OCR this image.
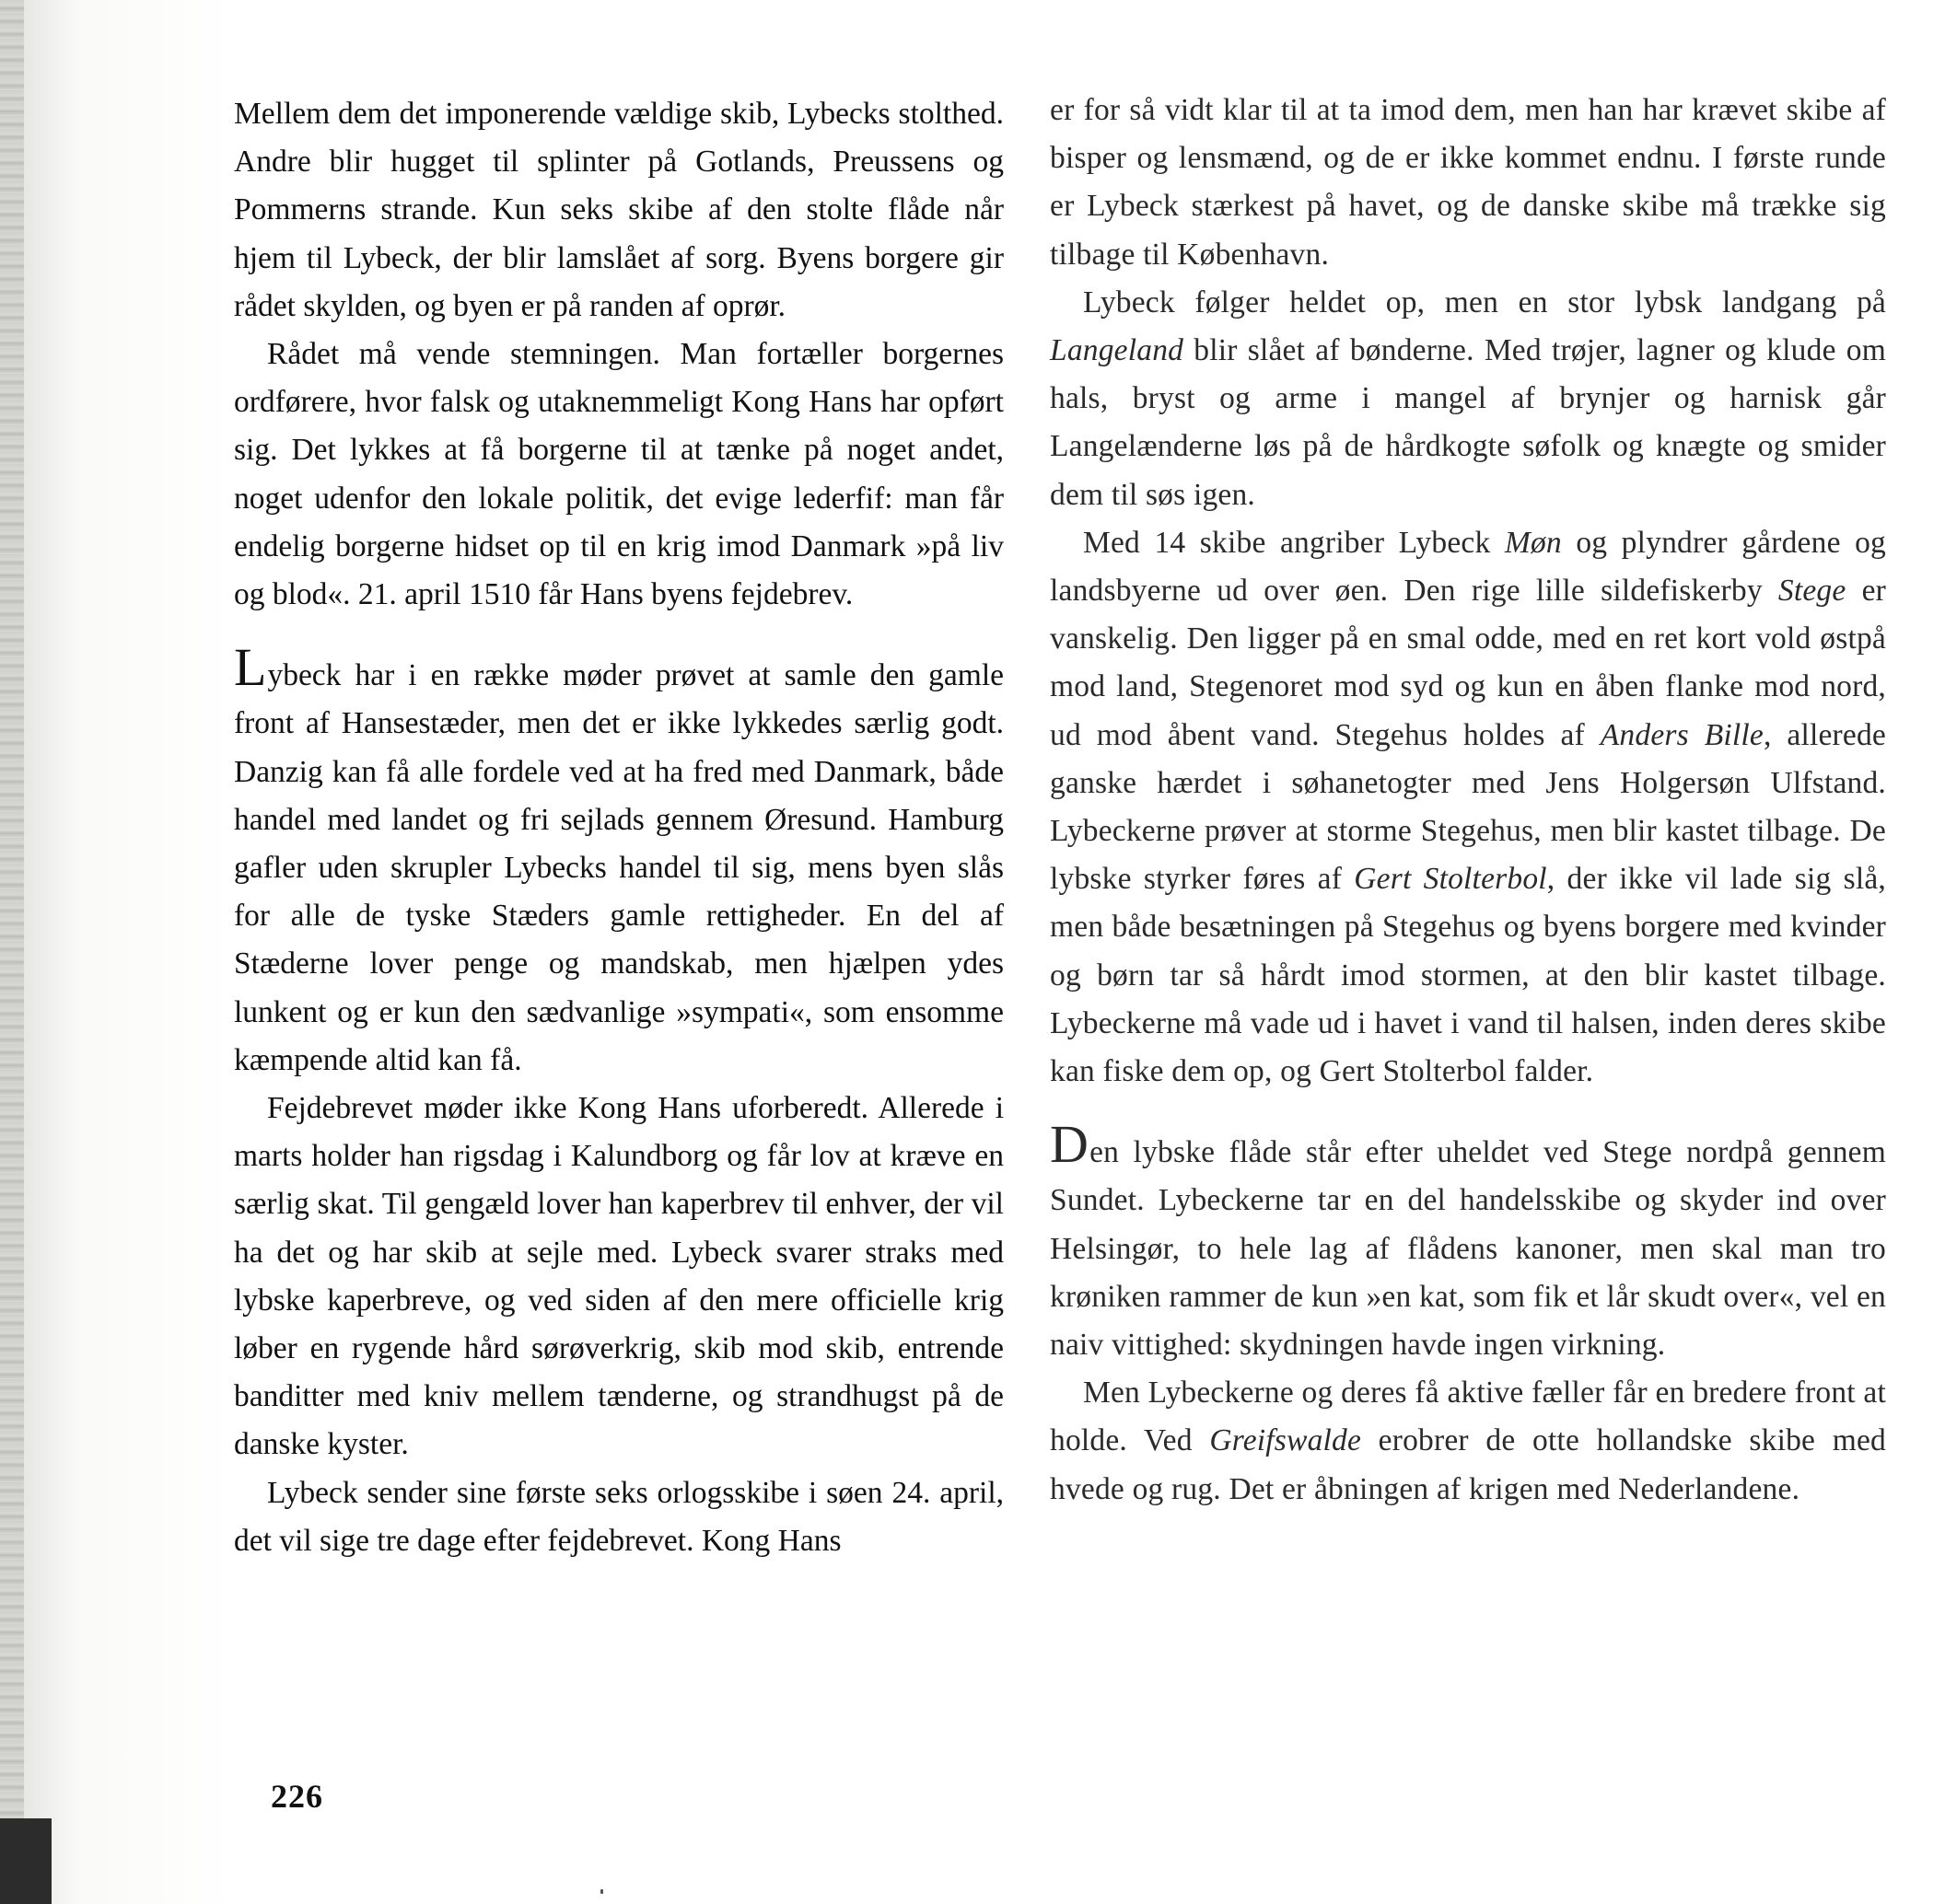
Mellem dem det imponerende vældige skib, Lybecks stolthed. Andre blir hugget til splinter på Gotlands, Preussens og Pommerns strande. Kun seks skibe af den stolte flåde når hjem til Lybeck, der blir lamslået af sorg. Byens borgere gir rådet skylden, og byen er på randen af oprør.

Rådet må vende stemningen. Man fortæller borgernes ordførere, hvor falsk og utaknemmeligt Kong Hans har opført sig. Det lykkes at få borgerne til at tænke på noget andet, noget udenfor den lokale politik, det evige lederfif: man får endelig borgerne hidset op til en krig imod Danmark »på liv og blod«. 21. april 1510 får Hans byens fejdebrev.

Lybeck har i en række møder prøvet at samle den gamle front af Hansestæder, men det er ikke lykkedes særlig godt. Danzig kan få alle fordele ved at ha fred med Danmark, både handel med landet og fri sejlads gennem Øresund. Hamburg gafler uden skrupler Lybecks handel til sig, mens byen slås for alle de tyske Stæders gamle rettigheder. En del af Stæderne lover penge og mandskab, men hjælpen ydes lunkent og er kun den sædvanlige »sympati«, som ensomme kæmpende altid kan få.

Fejdebrevet møder ikke Kong Hans uforberedt. Allerede i marts holder han rigsdag i Kalundborg og får lov at kræve en særlig skat. Til gengæld lover han kaperbrev til enhver, der vil ha det og har skib at sejle med. Lybeck svarer straks med lybske kaperbreve, og ved siden af den mere officielle krig løber en rygende hård sørøverkrig, skib mod skib, entrende banditter med kniv mellem tænderne, og strandhugst på de danske kyster.

Lybeck sender sine første seks orlogsskibe i søen 24. april, det vil sige tre dage efter fejdebrevet. Kong Hans

er for så vidt klar til at ta imod dem, men han har krævet skibe af bisper og lensmænd, og de er ikke kommet endnu. I første runde er Lybeck stærkest på havet, og de danske skibe må trække sig tilbage til København.

Lybeck følger heldet op, men en stor lybsk landgang på Langeland blir slået af bønderne. Med trøjer, lagner og klude om hals, bryst og arme i mangel af brynjer og harnisk går Langelænderne løs på de hårdkogte søfolk og knægte og smider dem til søs igen.

Med 14 skibe angriber Lybeck Møn og plyndrer gårdene og landsbyerne ud over øen. Den rige lille sildefiskerby Stege er vanskelig. Den ligger på en smal odde, med en ret kort vold østpå mod land, Stegenoret mod syd og kun en åben flanke mod nord, ud mod åbent vand. Stegehus holdes af Anders Bille, allerede ganske hærdet i søhanetogter med Jens Holgersøn Ulfstand. Lybeckerne prøver at storme Stegehus, men blir kastet tilbage. De lybske styrker føres af Gert Stolterbol, der ikke vil lade sig slå, men både besætningen på Stegehus og byens borgere med kvinder og børn tar så hårdt imod stormen, at den blir kastet tilbage. Lybeckerne må vade ud i havet i vand til halsen, inden deres skibe kan fiske dem op, og Gert Stolterbol falder.

Den lybske flåde står efter uheldet ved Stege nordpå gennem Sundet. Lybeckerne tar en del handelsskibe og skyder ind over Helsingør, to hele lag af flådens kanoner, men skal man tro krøniken rammer de kun »en kat, som fik et lår skudt over«, vel en naiv vittighed: skydningen havde ingen virkning.

Men Lybeckerne og deres få aktive fæller får en bredere front at holde. Ved Greifswalde erobrer de otte hollandske skibe med hvede og rug. Det er åbningen af krigen med Nederlandene.

226
